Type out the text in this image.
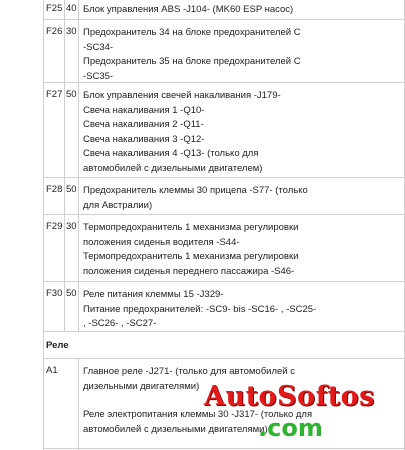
F25 40 Блок управления ABS -J104- (MK60 ESP насос)
F26 30 Предохранитель 34 на блоке предохранителей C
-SC34-
Предохранитель 35 на блоке предохранителей C
-SC35-
F27 50 Блок управления свечей накаливания -J179-
Свеча накаливания 1 -Q10-
Свеча накаливания 2 -Q11-
Свеча накаливания 3 -Q12-
Свеча накаливания 4 -Q13- (только для
автомобилей с дизельными двигателем)
F28 50 Предохранитель клеммы 30 прицепа -S77- (только
для Австралии)
F29 30 Термопредохранитель 1 механизма регулировки
положения сиденья водителя -S44-
Термопредохранитель 1 механизма регулировки
положения сиденья переднего пассажира -S46-
F30 50 Реле питания клеммы 15 -J329-
Питание предохранителей: -SC9- bis -SC16- , -SC25-
, -SC26- , -SC27-
Реле
A1	Главное реле -J271- (только для автомобилей с
дизельными двигателями)
Реле электропитания клеммы 30 -J317- (только для
автомобилей с дизельными двигателями)
AutoSoftos
.com
